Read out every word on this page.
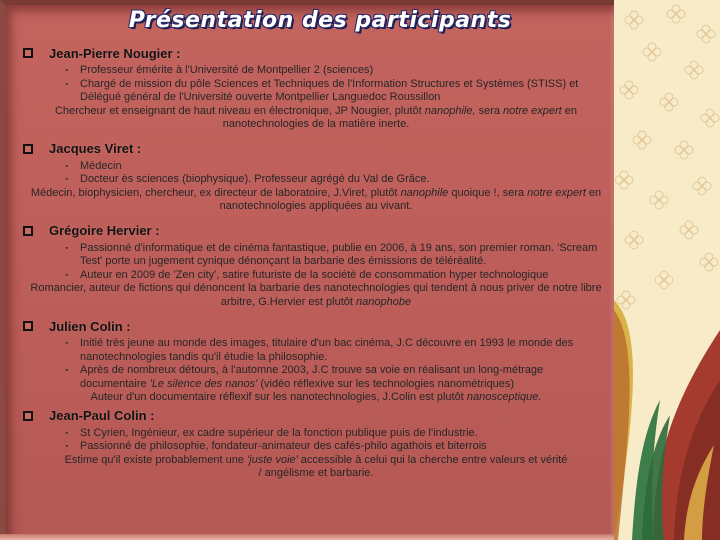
Présentation des participants
Jean-Pierre Nougier :
▪	Professeur émérite à l'Université de Montpellier 2 (sciences)
▪	Chargé de mission du pôle Sciences et Techniques de l'Information Structures et Systèmes (STISS) et Délégué général de l'Université ouverte Montpellier Languedoc Roussillon
Chercheur et enseignant de haut niveau en électronique, JP Nougier, plutôt nanophile, sera notre expert en nanotechnologies de la matière inerte.
Jacques Viret :
▪	Médecin
▪	Docteur ès sciences (biophysique). Professeur agrégé du Val de Grâce.
Médecin, biophysicien, chercheur, ex directeur de laboratoire, J.Viret, plutôt nanophile quoique !, sera notre expert en nanotechnologies appliquées au vivant.
Grégoire Hervier :
▪	Passionné d'informatique et de cinéma fantastique, publie en 2006, à 19 ans, son premier roman. 'Scream Test' porte un jugement cynique dénonçant la barbarie des émissions de téléréalité.
▪	Auteur en 2009 de 'Zen city', satire futuriste de la société de consommation hyper technologique
Romancier, auteur de fictions qui dénoncent la barbarie des nanotechnologies qui tendent à nous priver de notre libre arbitre, G.Hervier est plutôt nanophobe
Julien Colin :
▪	Initié très jeune au monde des images, titulaire d'un bac cinéma, J.C découvre en 1993 le monde des nanotechnologies tandis qu'il étudie la philosophie.
▪	Après de nombreux détours, à l'automne 2003, J.C trouve sa voie en réalisant un long-métrage documentaire 'Le silence des nanos' (vidéo réflexive sur les technologies nanométriques)
Auteur d'un documentaire réflexif sur les nanotechnologies, J.Colin est plutôt nanosceptique.
Jean-Paul Colin :
▪	St Cyrien, Ingénieur, ex cadre supérieur de la fonction publique puis de l'industrie.
▪	Passionné de philosophie, fondateur-animateur des cafés-philo agathois et biterrois
Estime qu'il existe probablement une 'juste voie' accessible à celui qui la cherche entre valeurs et vérité / angélisme et barbarie.
